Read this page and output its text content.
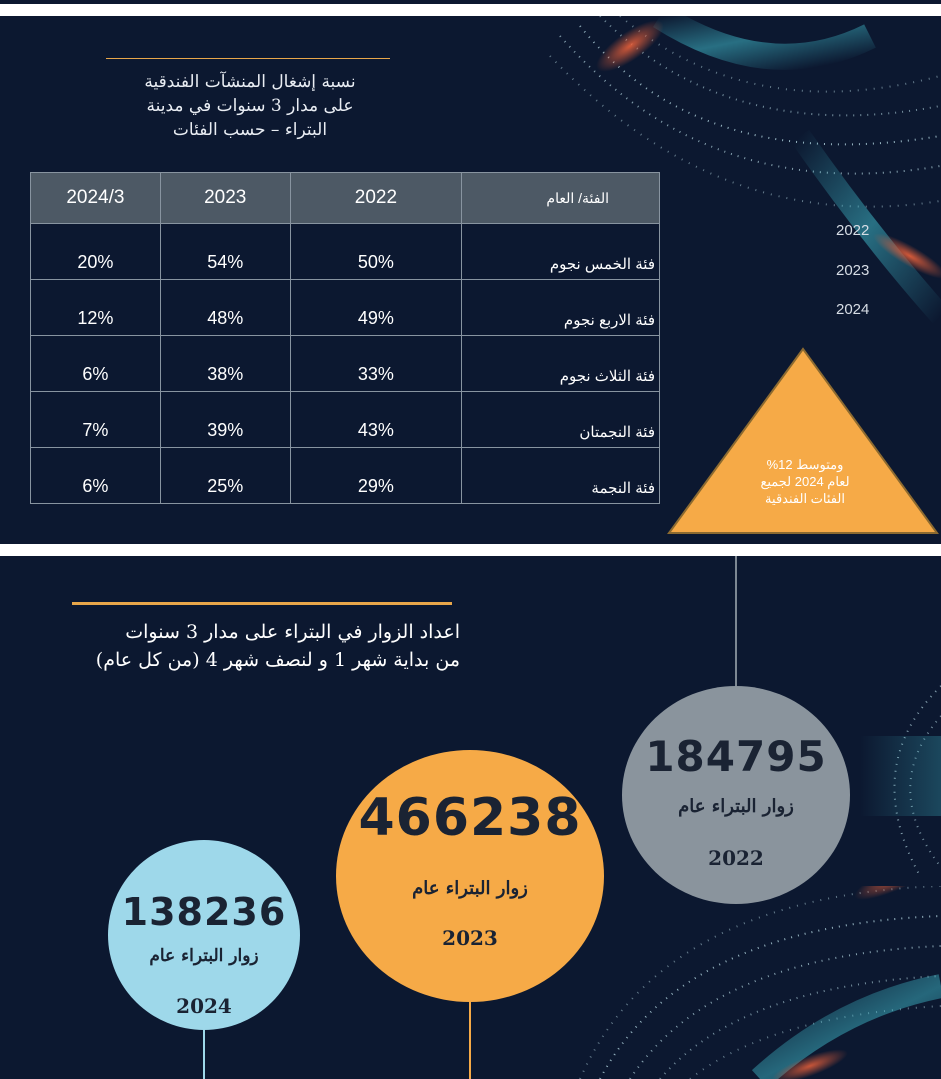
نسبة إشغال المنشآت الفندقية
على مدار 3 سنوات في مدينة
البتراء – حسب الفئات
2024/3	2023	2022	الفئة/ العام
20%	54%	50%	فئة الخمس نجوم
12%	48%	49%	فئة الاربع نجوم
6%	38%	33%	فئة الثلاث نجوم
7%	39%	43%	فئة النجمتان
6%	25%	29%	فئة النجمة
2022
2023
2024
ومتوسط 12%
لعام 2024 لجميع
الفئات الفندقية
اعداد الزوار في البتراء على مدار 3 سنوات
من بداية شهر 1 و لنصف شهر 4 (من كل عام)
184795
زوار البتراء عام
2022
466238
زوار البتراء عام
2023
138236
زوار البتراء عام
2024
